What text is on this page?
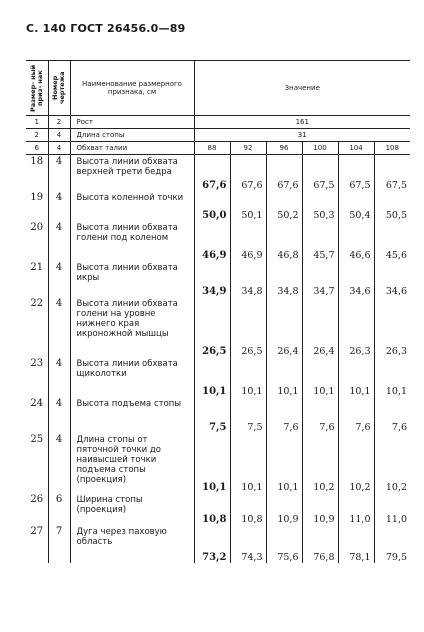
С. 140 ГОСТ 26456.0—89
Размер- ный приз- нак	Номер чертежа	Наименование размерного признака, см	Значение					
1	2	Рост	161					
2	4	Длина стопы	31					
6	4	Обхват талии	88	92	96	100	104	108
18	4	Высота линии обхвата верхней трети бедра	67,6	67,6	67,6	67,5	67,5	67,5
19	4	Высота коленной точки	50,0	50,1	50,2	50,3	50,4	50,5
20	4	Высота линии обхвата голени под коленом	46,9	46,9	46,8	45,7	46,6	45,6
21	4	Высота линии обхвата икры	34,9	34,8	34,8	34,7	34,6	34,6
22	4	Высота линии обхвата голени на уровне нижнего края икроножной мышцы	26,5	26,5	26,4	26,4	26,3	26,3
23	4	Высота линии обхвата щиколотки	10,1	10,1	10,1	10,1	10,1	10,1
24	4	Высота подъема стопы	7,5	7,5	7,6	7,6	7,6	7,6
25	4	Длина стопы от пяточной точки до наивысшей точки подъема стопы (проекция)	10,1	10,1	10,1	10,2	10,2	10,2
26	6	Ширина стопы (проекция)	10,8	10,8	10,9	10,9	11,0	11,0
27	7	Дуга через паховую область	73,2	74,3	75,6	76,8	78,1	79,5
